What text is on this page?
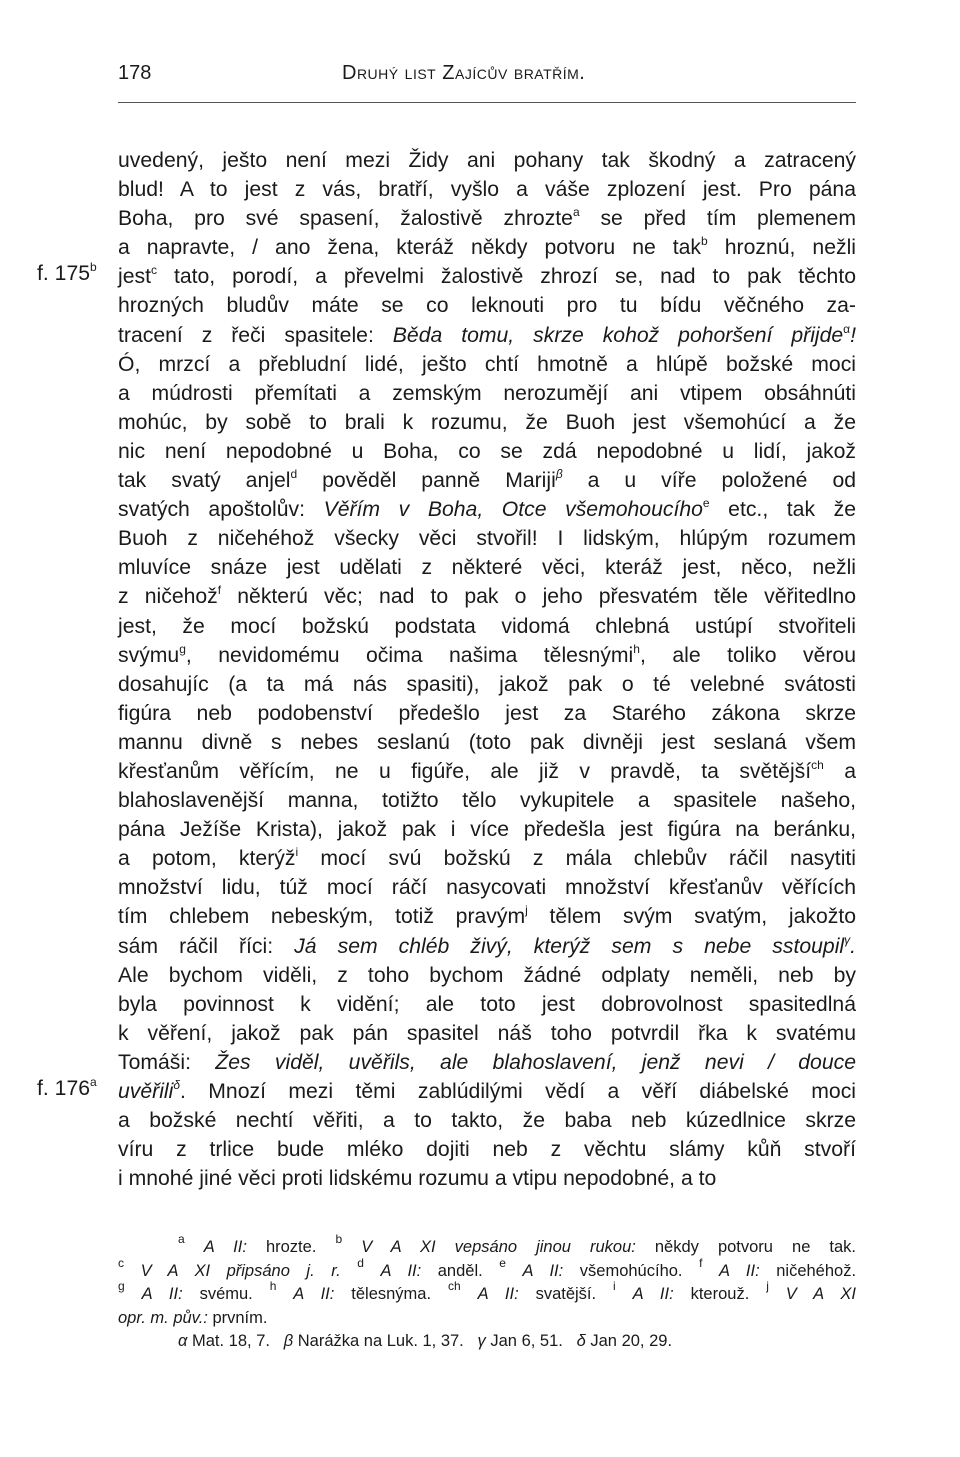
178	Druhý list Zajícův bratřím.
f. 175$^b$
f. 176$^a$
uvedený, ješto není mezi Židy ani pohany tak škodný a zatracený
blud! A to jest z vás, bratří, vyšlo a váše zplození jest. Pro pána
Boha, pro své spasení, žalostivě zhrozte$^a$ se před tím plemenem
a napravte, / ano žena, kteráž někdy potvoru ne tak$^b$ hroznú, nežli
jest$^c$ tato, porodí, a převelmi žalostivě zhrozí se, nad to pak těchto
hrozných bludův máte se co leknouti pro tu bídu věčného za-
tracení z řeči spasitele: Běda tomu, skrze kohož pohoršení přijde$^\alpha$!
Ó, mrzcí a přebludní lidé, ješto chtí hmotně a hlúpě božské moci
a múdrosti přemítati a zemským nerozumějí ani vtipem obsáhnúti
mohúc, by sobě to brali k rozumu, že Buoh jest všemohúcí a že
nic není nepodobné u Boha, co se zdá nepodobné u lidí, jakož
tak svatý anjel$^d$ pověděl panně Mariji$^\beta$ a u víře položené od
svatých apoštolův: Věřím v Boha, Otce všemohoucího$^e$ etc., tak že
Buoh z ničehéhož všecky věci stvořil! I lidským, hlúpým rozumem
mluvíce snáze jest udělati z některé věci, kteráž jest, něco, nežli
z ničehož$^f$ některú věc; nad to pak o jeho přesvatém těle věřitedlno
jest, že mocí božskú podstata vidomá chlebná ustúpí stvořiteli
svýmu$^g$, nevidomému očima našima tělesnými$^h$, ale toliko věrou
dosahujíc (a ta má nás spasiti), jakož pak o té velebné svátosti
figúra neb podobenství předešlo jest za Starého zákona skrze
mannu divně s nebes seslanú (toto pak divněji jest seslaná všem
křesťanům věřícím, ne u figúře, ale již v pravdě, ta světější$^{ch}$ a
blahoslavenější manna, totižto tělo vykupitele a spasitele našeho,
pána Ježíše Krista), jakož pak i více předešla jest figúra na beránku,
a potom, kterýž$^i$ mocí svú božskú z mála chlebův ráčil nasytiti
množství lidu, túž mocí ráčí nasycovati množství křesťanův věřících
tím chlebem nebeským, totiž pravým$^j$ tělem svým svatým, jakožto
sám ráčil říci: Já sem chléb živý, kterýž sem s nebe sstoupil$^\gamma$.
Ale bychom viděli, z toho bychom žádné odplaty neměli, neb by
byla povinnost k vidění; ale toto jest dobrovolnost spasitedlná
k věření, jakož pak pán spasitel náš toho potvrdil řka k svatému
Tomáši: Žes viděl, uvěřils, ale blahoslavení, jenž nevi / douce
uvěřili$^\delta$. Mnozí mezi těmi zablúdilými vědí a věří diábelské moci
a božské nechtí věřiti, a to takto, že baba neb kúzedlnice skrze
víru z trlice bude mléko dojiti neb z věchtu slámy kůň stvoří
i mnohé jiné věci proti lidskému rozumu a vtipu nepodobné, a to
$^a$ A II: hrozte. $^b$ V A XI vepsáno jinou rukou: někdy potvoru ne tak.
$^c$ V A XI připsáno j. r. $^d$ A II: anděl. $^e$ A II: všemohúcího. $^f$ A II: ničehéhož.
$^g$ A II: svému. $^h$ A II: tělesnýma. $^{ch}$ A II: svatější. $^i$ A II: kterouž. $^j$ V A XI
opr. m. pův.: prvním.
α Mat. 18, 7. β Narážka na Luk. 1, 37. γ Jan 6, 51. δ Jan 20, 29.
